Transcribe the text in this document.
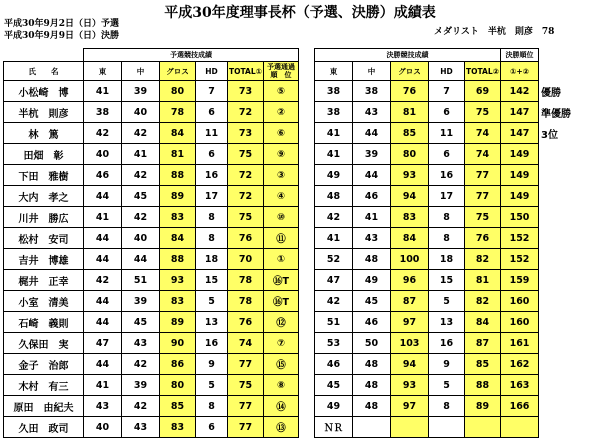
平成30年度理事長杯（予選、決勝）成績表
平成30年9月2日（日）予選
平成30年9月9日（日）決勝	メダリスト　半杭　則彦　78
	予選競技成績							決勝競技成績					決勝順位	
氏　　名	東	中	グロス	HD	TOTAL①	予選通過
順　位		東	中	グロス	HD	TOTAL②	①+②	
小松崎　博	41	39	80	7	73	⑤		38	38	76	7	69	142	優勝
半杭　則彦	38	40	78	6	72	②		38	43	81	6	75	147	準優勝
林　篤	42	42	84	11	73	⑥		41	44	85	11	74	147	3位
田畑　彰	40	41	81	6	75	⑨		41	39	80	6	74	149	
下田　雅樹	46	42	88	16	72	③		49	44	93	16	77	149	
大内　孝之	44	45	89	17	72	④		48	46	94	17	77	149	
川井　勝広	41	42	83	8	75	⑩		42	41	83	8	75	150	
松村　安司	44	40	84	8	76	⑪		41	43	84	8	76	152	
吉井　博雄	44	44	88	18	70	①		52	48	100	18	82	152	
梶井　正幸	42	51	93	15	78	⑯T		47	49	96	15	81	159	
小室　清美	44	39	83	5	78	⑯T		42	45	87	5	82	160	
石崎　義則	44	45	89	13	76	⑫		51	46	97	13	84	160	
久保田　実	47	43	90	16	74	⑦		53	50	103	16	87	161	
金子　治郎	44	42	86	9	77	⑮		46	48	94	9	85	162	
木村　有三	41	39	80	5	75	⑧		45	48	93	5	88	163	
原田　由紀夫	43	42	85	8	77	⑭		49	48	97	8	89	166	
久田　政司	40	43	83	6	77	⑬		ＮＲ						
